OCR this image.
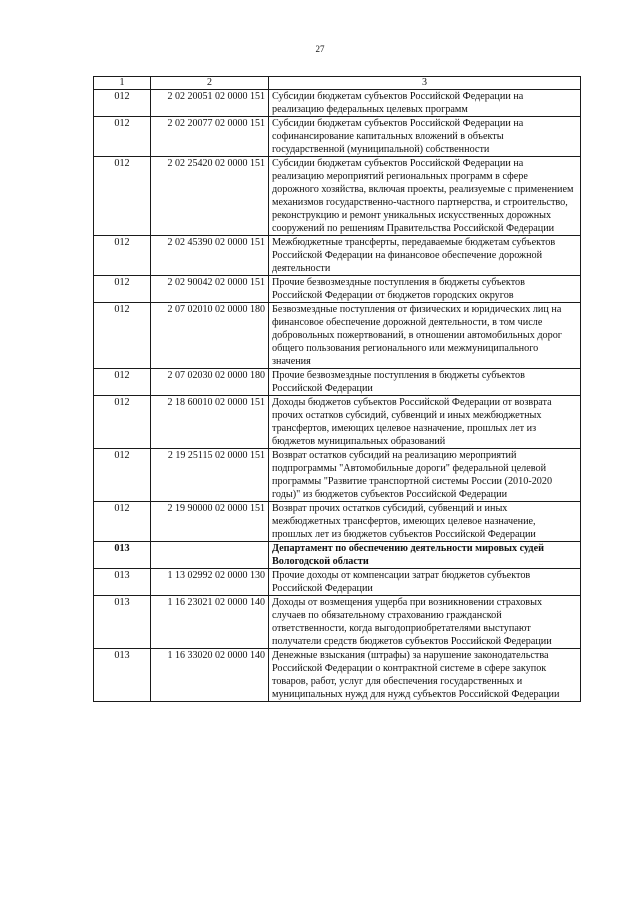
27
1	2	3
012	2 02 20051 02 0000 151	Субсидии бюджетам субъектов Российской Федерации на реализацию федеральных целевых программ
012	2 02 20077 02 0000 151	Субсидии бюджетам субъектов Российской Федерации на софинансирование капитальных вложений в объекты государственной (муниципальной) собственности
012	2 02 25420 02 0000 151	Субсидии бюджетам субъектов Российской Федерации на реализацию мероприятий региональных программ в сфере дорожного хозяйства, включая проекты, реализуемые с применением механизмов государственно-частного партнерства, и строительство, реконструкцию и ремонт уникальных искусственных дорожных сооружений по решениям Правительства Российской Федерации
012	2 02 45390 02 0000 151	Межбюджетные трансферты, передаваемые бюджетам субъектов Российской Федерации на финансовое обеспечение дорожной деятельности
012	2 02 90042 02 0000 151	Прочие безвозмездные поступления в бюджеты субъектов Российской Федерации от бюджетов городских округов
012	2 07 02010 02 0000 180	Безвозмездные поступления от физических и юридических лиц на финансовое обеспечение дорожной деятельности, в том числе добровольных пожертвований, в отношении автомобильных дорог общего пользования регионального или межмуниципального значения
012	2 07 02030 02 0000 180	Прочие безвозмездные поступления в бюджеты субъектов Российской Федерации
012	2 18 60010 02 0000 151	Доходы бюджетов субъектов Российской Федерации от возврата прочих остатков субсидий, субвенций и иных межбюджетных трансфертов, имеющих целевое назначение, прошлых лет из бюджетов муниципальных образований
012	2 19 25115 02 0000 151	Возврат остатков субсидий на реализацию мероприятий подпрограммы "Автомобильные дороги" федеральной целевой программы "Развитие транспортной системы России (2010-2020 годы)" из бюджетов субъектов Российской Федерации
012	2 19 90000 02 0000 151	Возврат прочих остатков субсидий, субвенций и иных межбюджетных трансфертов, имеющих целевое назначение, прошлых лет из бюджетов субъектов Российской Федерации
013		Департамент по обеспечению деятельности мировых судей Вологодской области
013	1 13 02992 02 0000 130	Прочие доходы от компенсации затрат бюджетов субъектов Российской Федерации
013	1 16 23021 02 0000 140	Доходы от возмещения ущерба при возникновении страховых случаев по обязательному страхованию гражданской ответственности, когда выгодоприобретателями выступают получатели средств бюджетов субъектов Российской Федерации
013	1 16 33020 02 0000 140	Денежные взыскания (штрафы) за нарушение законодательства Российской Федерации о контрактной системе в сфере закупок товаров, работ, услуг для обеспечения государственных и муниципальных нужд для нужд субъектов Российской Федерации
